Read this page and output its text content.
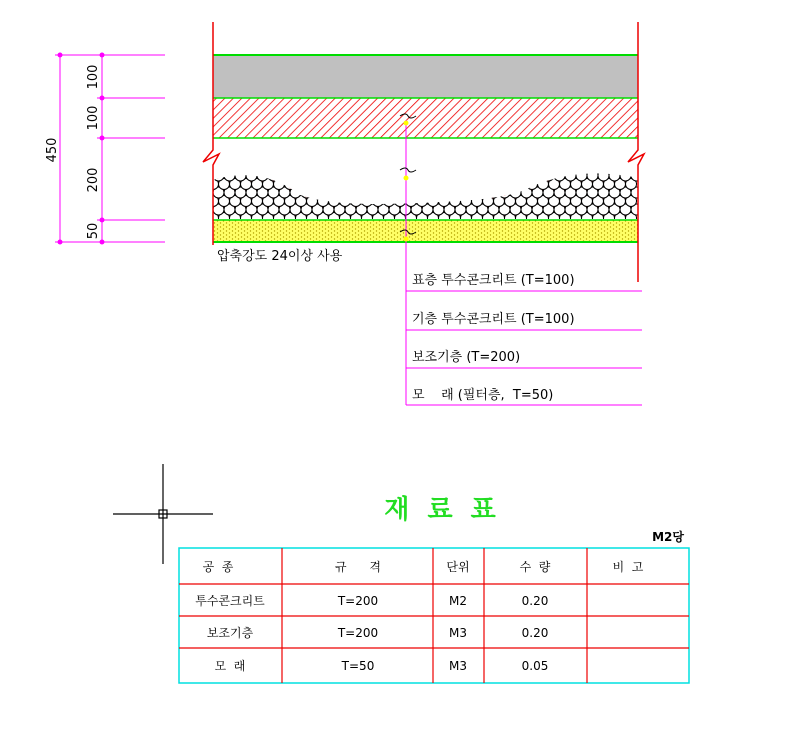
450
100
100
200
50
압축강도 24이상 사용
표층 투수콘크리트 (T=100)
기층 투수콘크리트 (T=100)
보조기층 (T=200)
모    래 (필터층,  T=50)
재  료  표
M2당
공  종	규      격	단위	수  량	비  고
투수콘크리트	T=200	M2	0.20
보조기층	T=200	M3	0.20
모  래	T=50	M3	0.05
